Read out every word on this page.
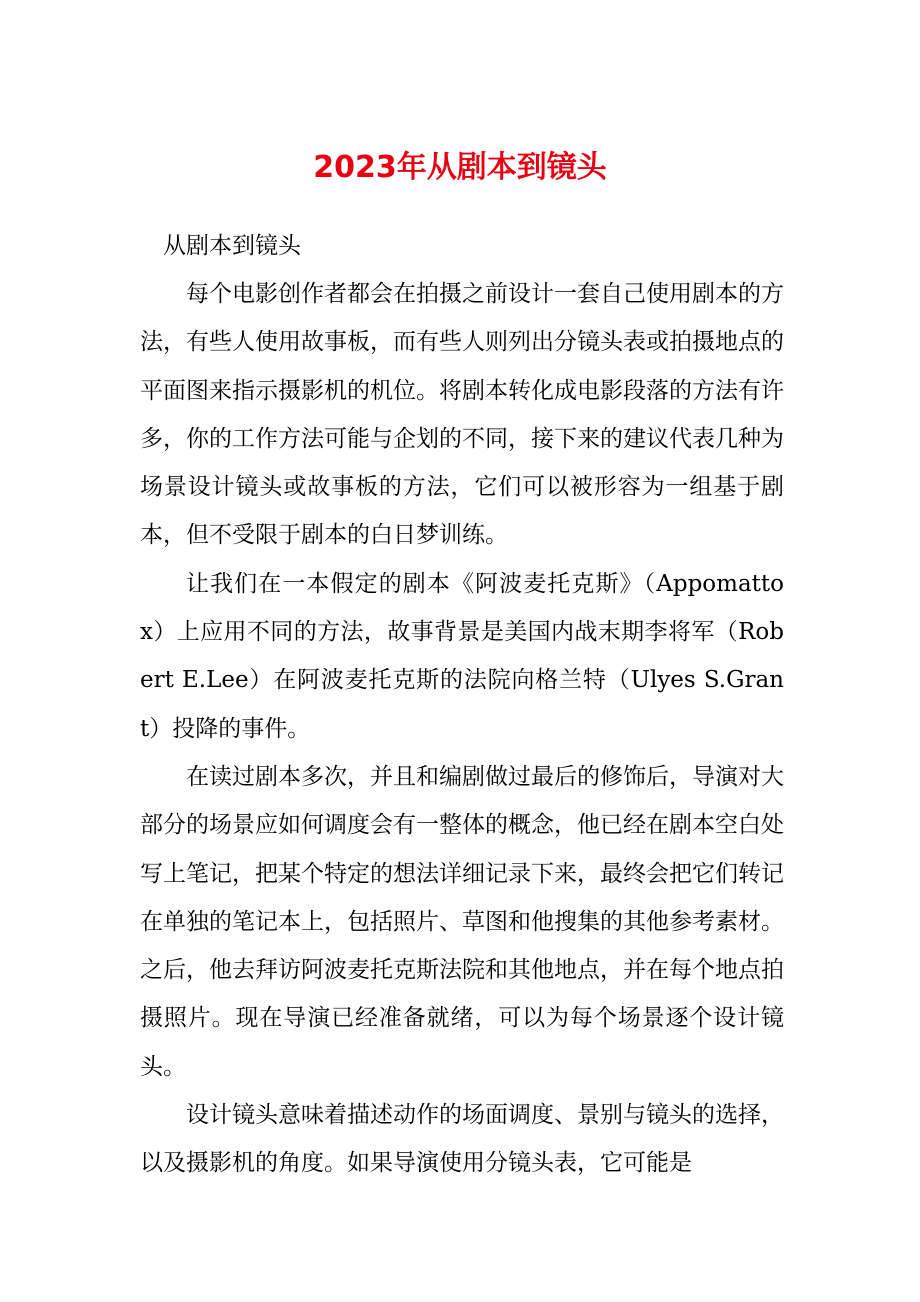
2023年从剧本到镜头

从剧本到镜头

每个电影创作者都会在拍摄之前设计一套自己使用剧本的方法，有些人使用故事板，而有些人则列出分镜头表或拍摄地点的平面图来指示摄影机的机位。将剧本转化成电影段落的方法有许多，你的工作方法可能与企划的不同，接下来的建议代表几种为场景设计镜头或故事板的方法，它们可以被形容为一组基于剧本，但不受限于剧本的白日梦训练。

让我们在一本假定的剧本《阿波麦托克斯》（Appomattox）上应用不同的方法，故事背景是美国内战末期李将军（Robert E.Lee）在阿波麦托克斯的法院向格兰特（Ulyes S.Grant）投降的事件。

在读过剧本多次，并且和编剧做过最后的修饰后，导演对大部分的场景应如何调度会有一整体的概念，他已经在剧本空白处写上笔记，把某个特定的想法详细记录下来，最终会把它们转记在单独的笔记本上，包括照片、草图和他搜集的其他参考素材。之后，他去拜访阿波麦托克斯法院和其他地点，并在每个地点拍摄照片。现在导演已经准备就绪，可以为每个场景逐个设计镜头。

设计镜头意味着描述动作的场面调度、景别与镜头的选择，以及摄影机的角度。如果导演使用分镜头表，它可能是
